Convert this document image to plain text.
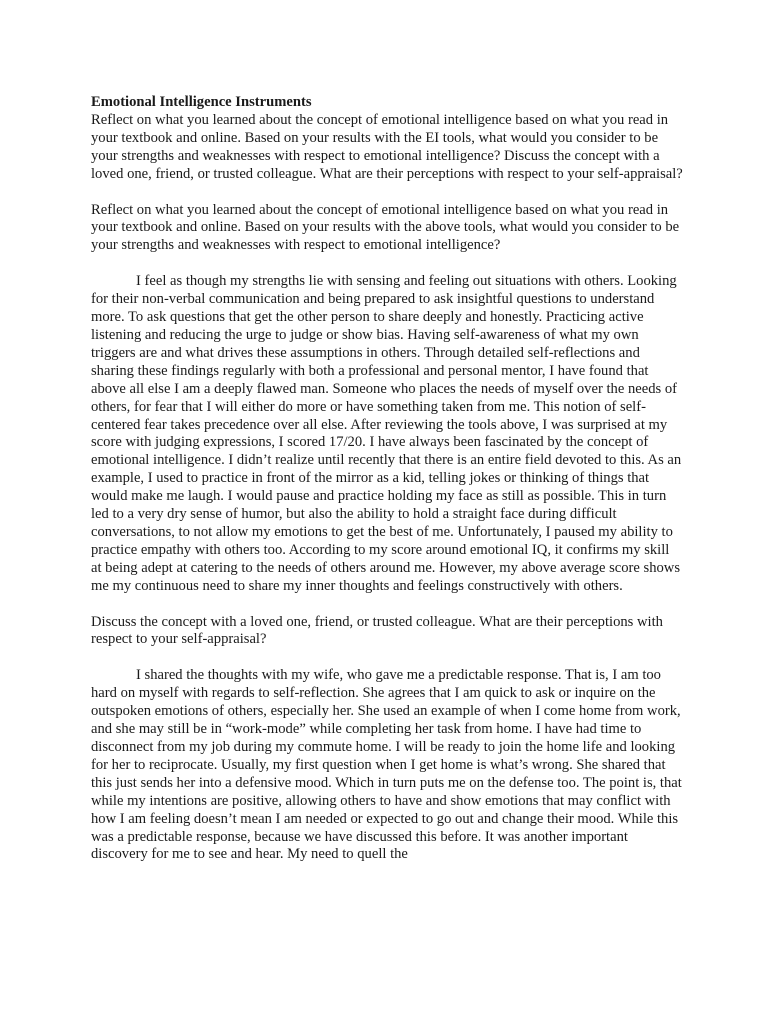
Emotional Intelligence Instruments

Reflect on what you learned about the concept of emotional intelligence based on what you read in your textbook and online. Based on your results with the EI tools, what would you consider to be your strengths and weaknesses with respect to emotional intelligence? Discuss the concept with a loved one, friend, or trusted colleague. What are their perceptions with respect to your self-appraisal?

Reflect on what you learned about the concept of emotional intelligence based on what you read in your textbook and online. Based on your results with the above tools, what would you consider to be your strengths and weaknesses with respect to emotional intelligence?

I feel as though my strengths lie with sensing and feeling out situations with others. Looking for their non-verbal communication and being prepared to ask insightful questions to understand more. To ask questions that get the other person to share deeply and honestly. Practicing active listening and reducing the urge to judge or show bias. Having self-awareness of what my own triggers are and what drives these assumptions in others. Through detailed self-reflections and sharing these findings regularly with both a professional and personal mentor, I have found that above all else I am a deeply flawed man. Someone who places the needs of myself over the needs of others, for fear that I will either do more or have something taken from me. This notion of self-centered fear takes precedence over all else. After reviewing the tools above, I was surprised at my score with judging expressions, I scored 17/20. I have always been fascinated by the concept of emotional intelligence. I didn’t realize until recently that there is an entire field devoted to this. As an example, I used to practice in front of the mirror as a kid, telling jokes or thinking of things that would make me laugh. I would pause and practice holding my face as still as possible. This in turn led to a very dry sense of humor, but also the ability to hold a straight face during difficult conversations, to not allow my emotions to get the best of me. Unfortunately, I paused my ability to practice empathy with others too. According to my score around emotional IQ, it confirms my skill at being adept at catering to the needs of others around me. However, my above average score shows me my continuous need to share my inner thoughts and feelings constructively with others.

Discuss the concept with a loved one, friend, or trusted colleague. What are their perceptions with respect to your self-appraisal?

I shared the thoughts with my wife, who gave me a predictable response. That is, I am too hard on myself with regards to self-reflection. She agrees that I am quick to ask or inquire on the outspoken emotions of others, especially her. She used an example of when I come home from work, and she may still be in “work-mode” while completing her task from home. I have had time to disconnect from my job during my commute home. I will be ready to join the home life and looking for her to reciprocate. Usually, my first question when I get home is what’s wrong. She shared that this just sends her into a defensive mood. Which in turn puts me on the defense too. The point is, that while my intentions are positive, allowing others to have and show emotions that may conflict with how I am feeling doesn’t mean I am needed or expected to go out and change their mood. While this was a predictable response, because we have discussed this before. It was another important discovery for me to see and hear. My need to quell the
